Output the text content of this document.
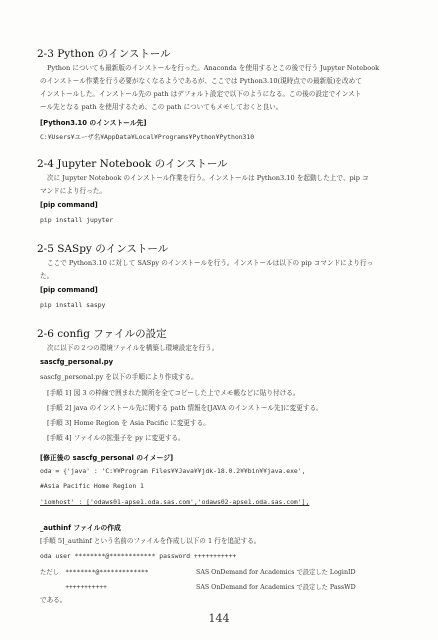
2-3 Python のインストール
Python についても最新版のインストールを行った。Anaconda を使用するとこの後で行う Jupyter Notebook
のインストール作業を行う必要がなくなるようであるが、ここでは Python3.10(現時点での最新版)を改めて
インストールした。インストール先の path はデフォルト設定で以下のようになる。この後の設定でインスト
ール先となる path を使用するため、この path についてもメモしておくと良い。
[Python3.10 のインストール先]
C:¥Users¥ユーザ名¥AppData¥Local¥Programs¥Python¥Python310
2-4 Jupyter Notebook のインストール
次に Jupyter Notebook のインストール作業を行う。インストールは Python3.10 を起動した上で、pip コ
マンドにより行った。
[pip command]
pip install jupyter
2-5 SASpy のインストール
ここで Python3.10 に対して SASpy のインストールを行う。インストールは以下の pip コマンドにより行っ
た。
[pip command]
pip install saspy
2-6 config ファイルの設定
次に以下の２つの環境ファイルを構築し環境設定を行う。
sascfg_personal.py
sascfg_personal.py を以下の手順により作成する。
[手順 1] 図 3 の枠線で囲まれた箇所を全てコピーした上でメモ帳などに貼り付ける。
[手順 2] java のインストール先に関する path 情報を[JAVA のインストール先]に変更する。
[手順 3] Home Region を Asia Pacific に変更する。
[手順 4] ファイルの拡張子を py に変更する。
[修正後の sascfg_personal のイメージ]
oda = {'java' : 'C:¥¥Program Files¥¥Java¥¥jdk-18.0.2¥¥bin¥¥java.exe',
#Asia Pacific Home Region 1
'iomhost' : ['odaws01-apse1.oda.sas.com','odaws02-apse1.oda.sas.com'],
_authinf ファイルの作成
[手順 5]_authinf という名前のファイルを作成し以下の 1 行を追記する。
oda user ********@************ password +++++++++++
ただし　********@*************	SAS OnDemand for Academics で設定した LoginID
　　　　+++++++++++	SAS OnDemand for Academics で設定した PassWD
である。
144
